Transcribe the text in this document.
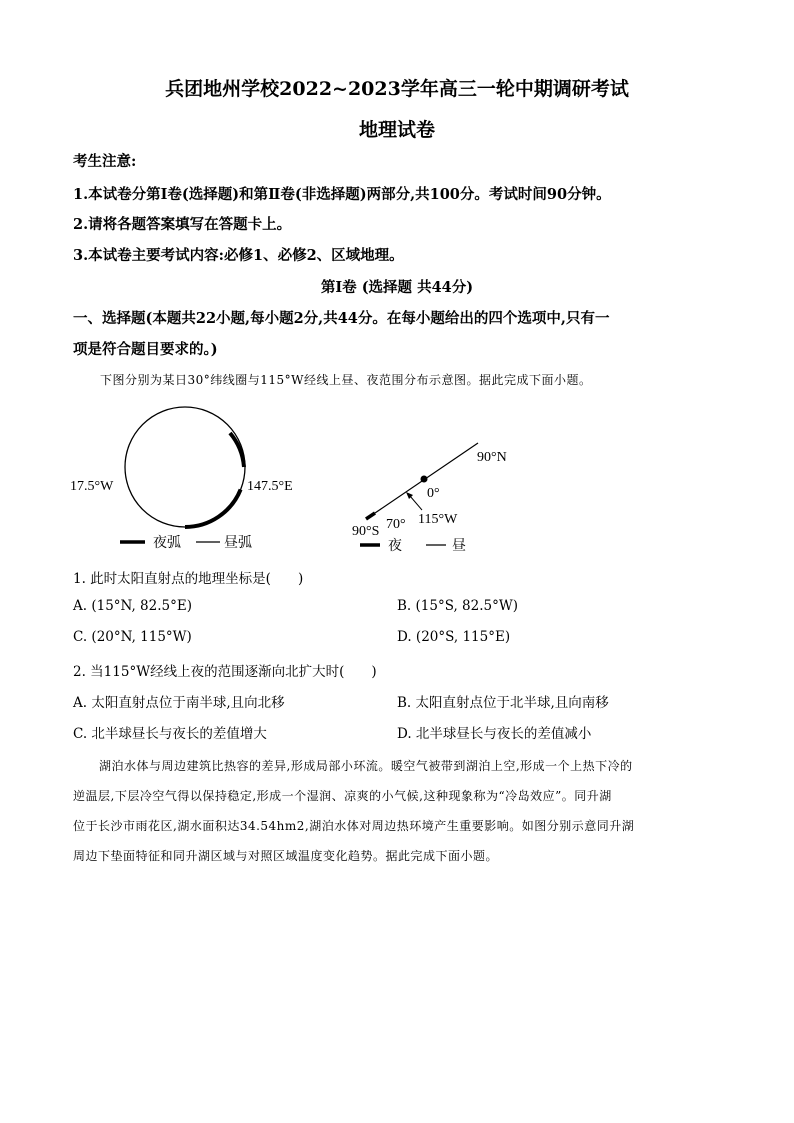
兵团地州学校2022~2023学年高三一轮中期调研考试
地理试卷
考生注意:
1.本试卷分第Ⅰ卷(选择题)和第Ⅱ卷(非选择题)两部分,共100分。考试时间90分钟。
2.请将各题答案填写在答题卡上。
3.本试卷主要考试内容:必修1、必修2、区域地理。
第Ⅰ卷 (选择题 共44分)
一、选择题(本题共22小题,每小题2分,共44分。在每小题给出的四个选项中,只有一
项是符合题目要求的。)
下图分别为某日30°纬线圈与115°W经线上昼、夜范围分布示意图。据此完成下面小题。
17.5°W	147.5°E
夜弧	昼弧
90°N
0°
90°S 70° 115°W
夜	昼
1. 此时太阳直射点的地理坐标是(　　)
A. (15°N, 82.5°E)	B. (15°S, 82.5°W)
C. (20°N, 115°W)	D. (20°S, 115°E)
2. 当115°W经线上夜的范围逐渐向北扩大时(　　)
A. 太阳直射点位于南半球,且向北移	B. 太阳直射点位于北半球,且向南移
C. 北半球昼长与夜长的差值增大	D. 北半球昼长与夜长的差值减小
湖泊水体与周边建筑比热容的差异,形成局部小环流。暖空气被带到湖泊上空,形成一个上热下冷的
逆温层,下层冷空气得以保持稳定,形成一个湿润、凉爽的小气候,这种现象称为“冷岛效应”。同升湖
位于长沙市雨花区,湖水面积达34.54hm2,湖泊水体对周边热环境产生重要影响。如图分别示意同升湖
周边下垫面特征和同升湖区域与对照区域温度变化趋势。据此完成下面小题。
